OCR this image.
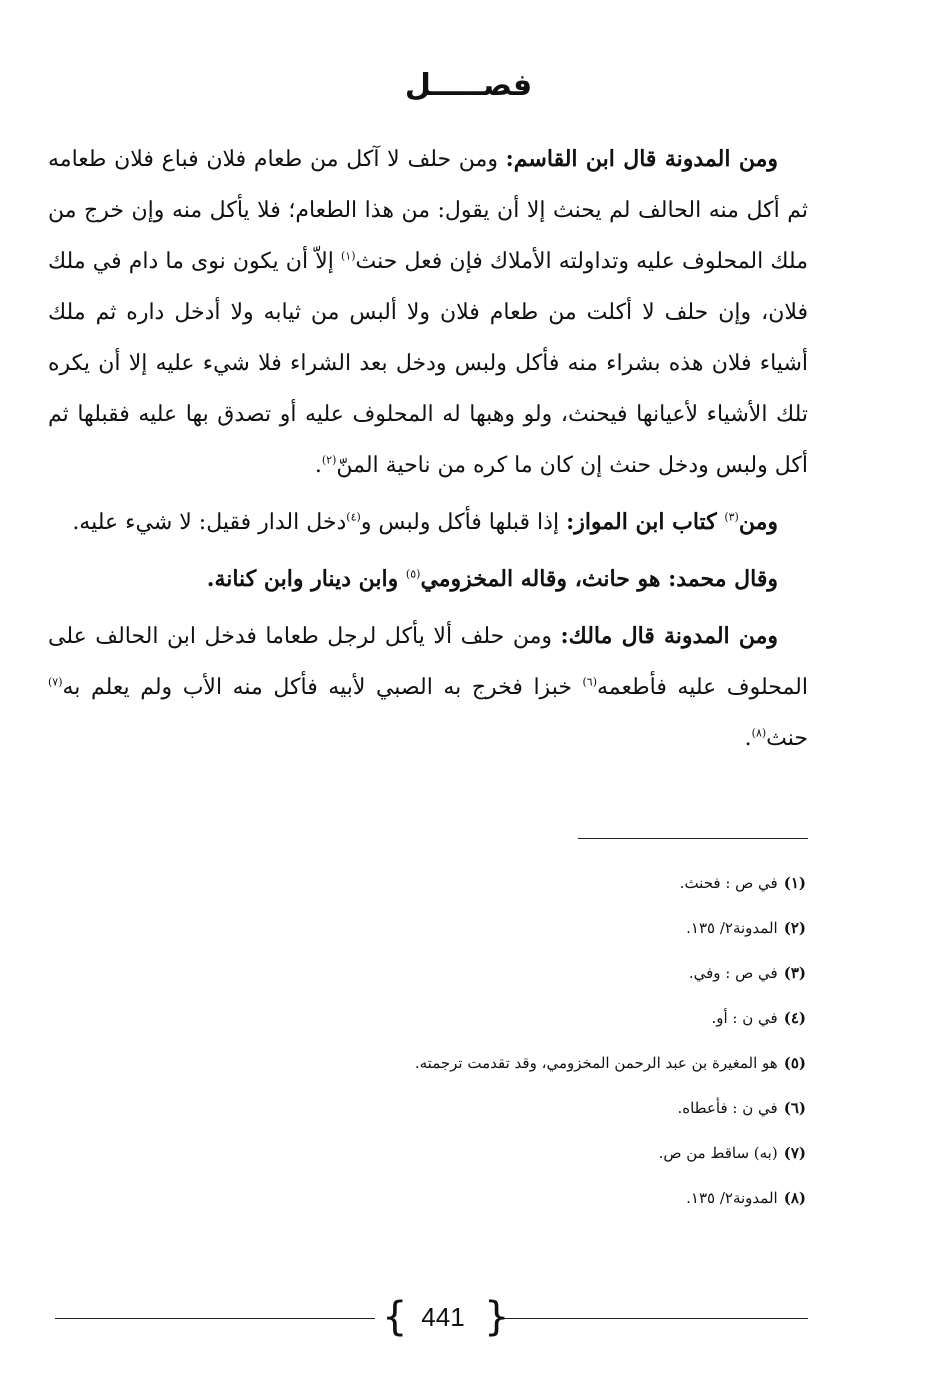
فصـــــل

ومن المدونة قال ابن القاسم: ومن حلف لا آكل من طعام فلان فباع فلان طعامه ثم أكل منه الحالف لم يحنث إلا أن يقول: من هذا الطعام؛ فلا يأكل منه وإن خرج من ملك المحلوف عليه وتداولته الأملاك فإن فعل حنث$^{(١)}$ إلاّ أن يكون نوى ما دام في ملك فلان، وإن حلف لا أكلت من طعام فلان ولا ألبس من ثيابه ولا أدخل داره ثم ملك أشياء فلان هذه بشراء منه فأكل ولبس ودخل بعد الشراء فلا شيء عليه إلا أن يكره تلك الأشياء لأعيانها فيحنث، ولو وهبها له المحلوف عليه أو تصدق بها عليه فقبلها ثم أكل ولبس ودخل حنث إن كان ما كره من ناحية المنّ$^{(٢)}$.

ومن$^{(٣)}$ كتاب ابن المواز: إذا قبلها فأكل ولبس و$^{(٤)}$دخل الدار فقيل: لا شيء عليه.

وقال محمد: هو حانث، وقاله المخزومي$^{(٥)}$ وابن دينار وابن كنانة.

ومن المدونة قال مالك: ومن حلف ألا يأكل لرجل طعاما فدخل ابن الحالف على المحلوف عليه فأطعمه$^{(٦)}$ خبزا فخرج به الصبي لأبيه فأكل منه الأب ولم يعلم به$^{(٧)}$ حنث$^{(٨)}$.

(١)في ص : فحنث.
(٢)المدونة٢/ ١٣٥.
(٣)في ص : وفي.
(٤)في ن : أو.
(٥)هو المغيرة بن عبد الرحمن المخزومي، وقد تقدمت ترجمته.
(٦)في ن : فأعطاه.
(٧)(به) ساقط من ص.
(٨)المدونة٢/ ١٣٥.
{ 441 }
